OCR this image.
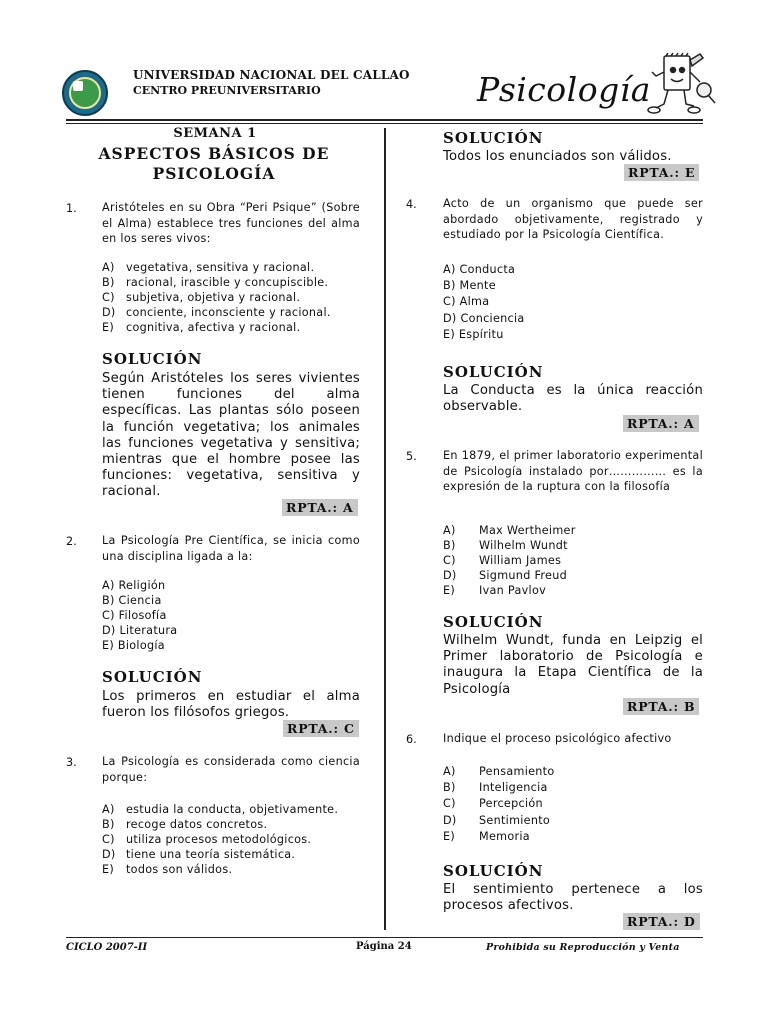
UNIVERSIDAD NACIONAL DEL CALLAO
CENTRO PREUNIVERSITARIO	Psicología
SEMANA 1
ASPECTOS BÁSICOS DE
PSICOLOGÍA
1. Aristóteles en su Obra “Peri Psique” (Sobre el Alma) establece tres funciones del alma en los seres vivos:
A) vegetativa, sensitiva y racional.
B) racional, irascible y concupiscible.
C) subjetiva, objetiva y racional.
D) conciente, inconsciente y racional.
E) cognitiva, afectiva y racional.
SOLUCIÓN
Según Aristóteles los seres vivientes tienen funciones del alma específicas. Las plantas sólo poseen la función vegetativa; los animales las funciones vegetativa y sensitiva; mientras que el hombre posee las funciones: vegetativa, sensitiva y racional.
RPTA.: A
2. La Psicología Pre Científica, se inicia como una disciplina ligada a la:
A) Religión
B) Ciencia
C) Filosofía
D) Literatura
E) Biología
SOLUCIÓN
Los primeros en estudiar el alma fueron los filósofos griegos.
RPTA.: C
3. La Psicología es considerada como ciencia porque:
A) estudia la conducta, objetivamente.
B) recoge datos concretos.
C) utiliza procesos metodológicos.
D) tiene una teoría sistemática.
E) todos son válidos.
SOLUCIÓN
Todos los enunciados son válidos.
RPTA.: E
4. Acto de un organismo que puede ser abordado objetivamente, registrado y estudiado por la Psicología Científica.
A) Conducta
B) Mente
C) Alma
D) Conciencia
E) Espíritu
SOLUCIÓN
La Conducta es la única reacción observable.
RPTA.: A
5. En 1879, el primer laboratorio experimental de Psicología instalado por…………… es la expresión de la ruptura con la filosofía
A) Max Wertheimer
B) Wilhelm Wundt
C) William James
D) Sigmund Freud
E) Ivan Pavlov
SOLUCIÓN
Wilhelm Wundt, funda en Leipzig el Primer laboratorio de Psicología e inaugura la Etapa Científica de la Psicología
RPTA.: B
6. Indique el proceso psicológico afectivo
A) Pensamiento
B) Inteligencia
C) Percepción
D) Sentimiento
E) Memoria
SOLUCIÓN
El sentimiento pertenece a los procesos afectivos.
RPTA.: D
CICLO 2007-II	Página 24	Prohibida su Reproducción y Venta
